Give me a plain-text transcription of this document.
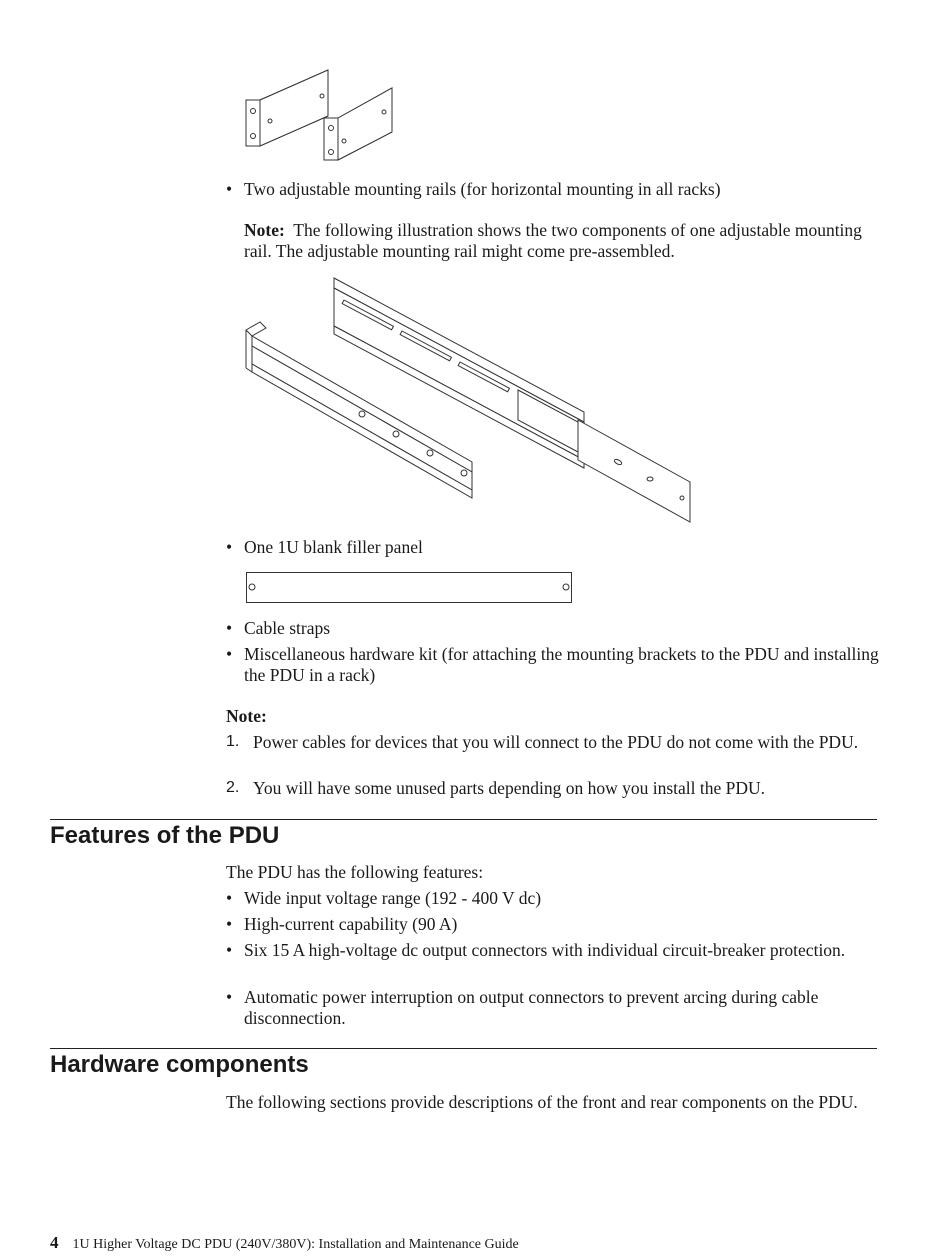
• Two adjustable mounting rails (for horizontal mounting in all racks)
Note: The following illustration shows the two components of one adjustable mounting rail. The adjustable mounting rail might come pre-assembled.
• One 1U blank filler panel
• Cable straps
• Miscellaneous hardware kit (for attaching the mounting brackets to the PDU and installing the PDU in a rack)
Note:
1. Power cables for devices that you will connect to the PDU do not come with the PDU.
2. You will have some unused parts depending on how you install the PDU.
Features of the PDU
The PDU has the following features:
• Wide input voltage range (192 - 400 V dc)
• High-current capability (90 A)
• Six 15 A high-voltage dc output connectors with individual circuit-breaker protection.
• Automatic power interruption on output connectors to prevent arcing during cable disconnection.
Hardware components
The following sections provide descriptions of the front and rear components on the PDU.
4 1U Higher Voltage DC PDU (240V/380V): Installation and Maintenance Guide
